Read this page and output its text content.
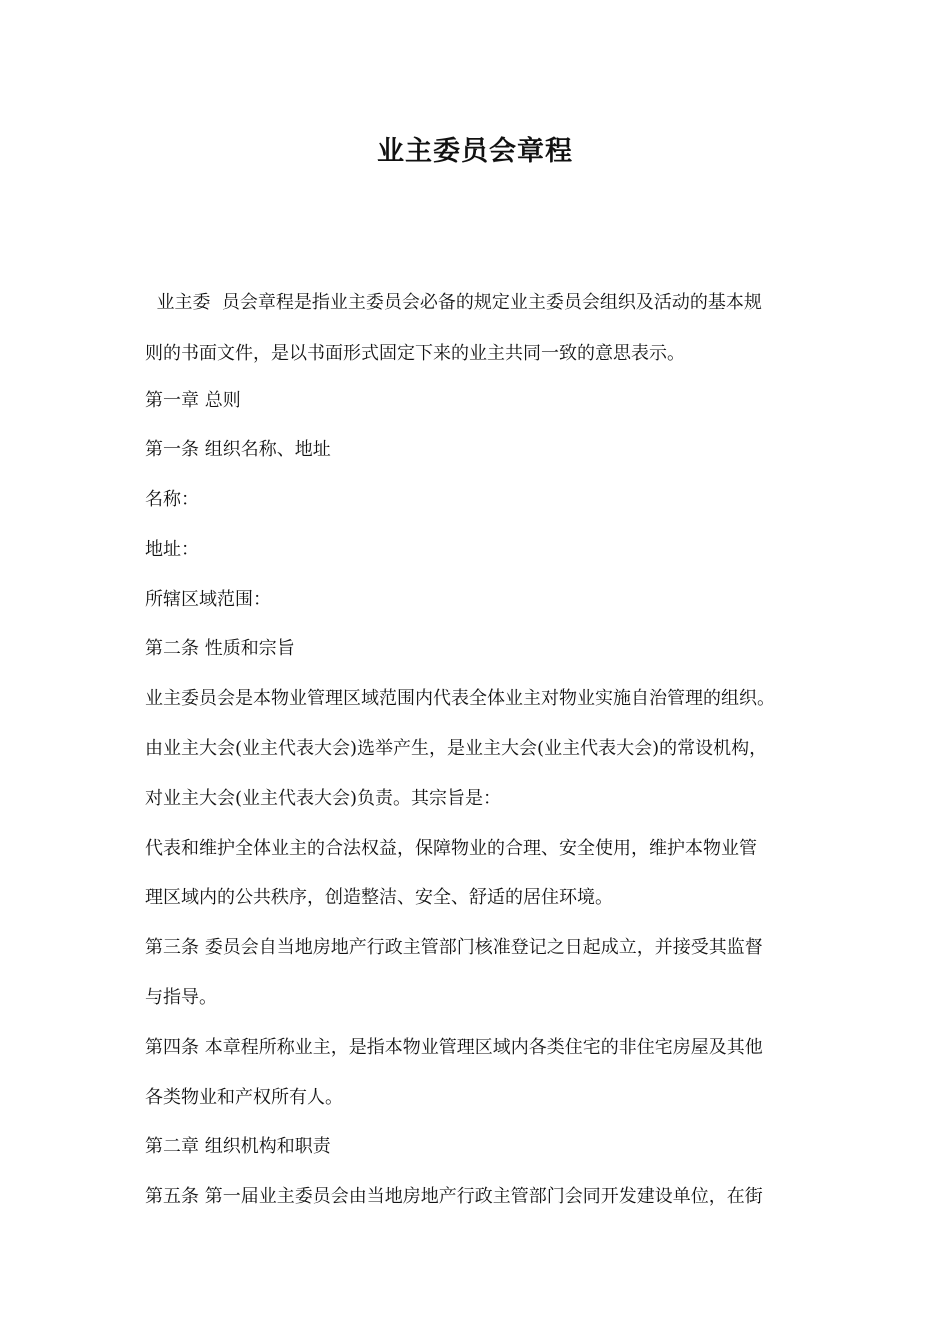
业主委员会章程
业主委  员会章程是指业主委员会必备的规定业主委员会组织及活动的基本规
则的书面文件，是以书面形式固定下来的业主共同一致的意思表示。
第一章 总则
第一条 组织名称、地址
名称：
地址：
所辖区域范围：
第二条 性质和宗旨
业主委员会是本物业管理区域范围内代表全体业主对物业实施自治管理的组织。
由业主大会(业主代表大会)选举产生，是业主大会(业主代表大会)的常设机构，
对业主大会(业主代表大会)负责。其宗旨是：
代表和维护全体业主的合法权益，保障物业的合理、安全使用，维护本物业管
理区域内的公共秩序，创造整洁、安全、舒适的居住环境。
第三条 委员会自当地房地产行政主管部门核准登记之日起成立，并接受其监督
与指导。
第四条 本章程所称业主，是指本物业管理区域内各类住宅的非住宅房屋及其他
各类物业和产权所有人。
第二章 组织机构和职责
第五条 第一届业主委员会由当地房地产行政主管部门会同开发建设单位，在街
